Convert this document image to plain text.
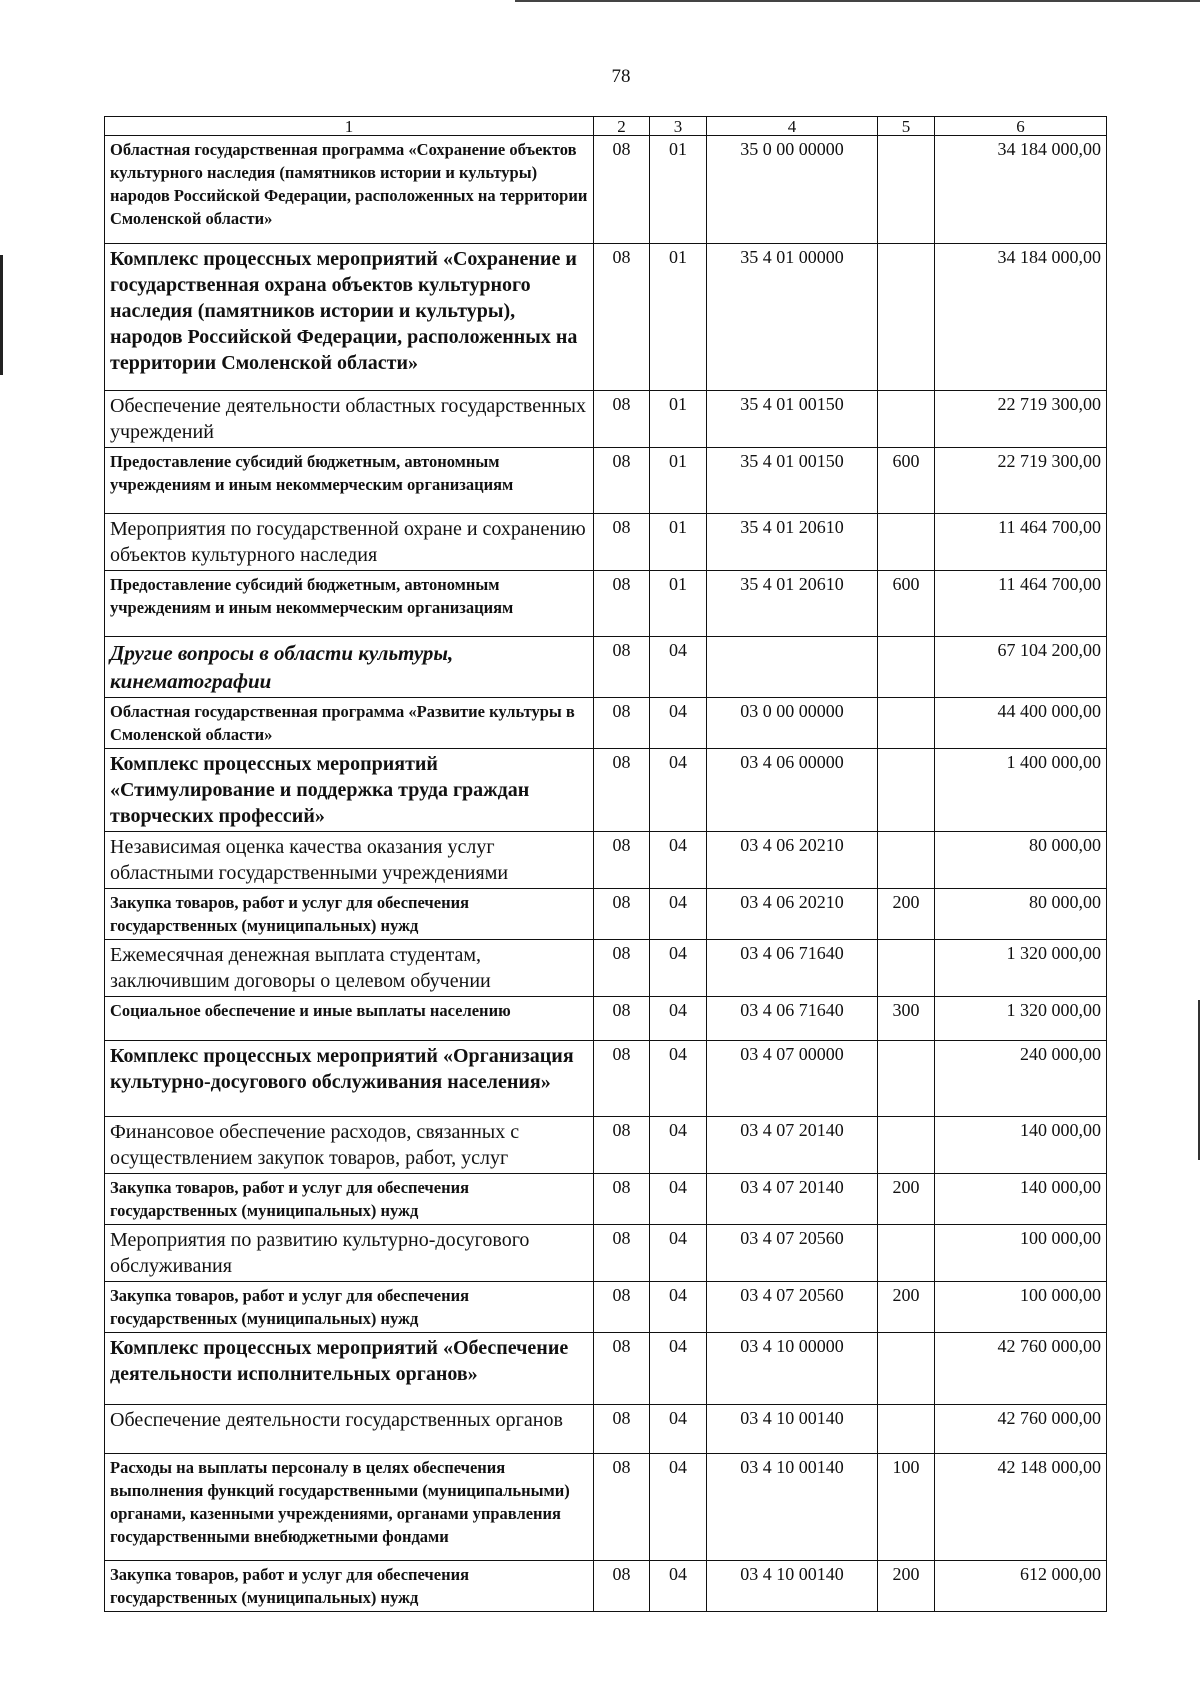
78
1	2	3	4	5	6
Областная государственная программа «Сохранение объектов культурного наследия (памятников истории и культуры) народов Российской Федерации, расположенных на территории Смоленской области»	08	01	35 0 00 00000		34 184 000,00
Комплекс процессных мероприятий «Сохранение и государственная охрана объектов культурного наследия (памятников истории и культуры), народов Российской Федерации, расположенных на территории Смоленской области»	08	01	35 4 01 00000		34 184 000,00
Обеспечение деятельности областных государственных учреждений	08	01	35 4 01 00150		22 719 300,00
Предоставление субсидий бюджетным, автономным учреждениям и иным некоммерческим организациям	08	01	35 4 01 00150	600	22 719 300,00
Мероприятия по государственной охране и сохранению объектов культурного наследия	08	01	35 4 01 20610		11 464 700,00
Предоставление субсидий бюджетным, автономным учреждениям и иным некоммерческим организациям	08	01	35 4 01 20610	600	11 464 700,00
Другие вопросы в области культуры, кинематографии	08	04			67 104 200,00
Областная государственная программа «Развитие культуры в Смоленской области»	08	04	03 0 00 00000		44 400 000,00
Комплекс процессных мероприятий «Стимулирование и поддержка труда граждан творческих профессий»	08	04	03 4 06 00000		1 400 000,00
Независимая оценка качества оказания услуг областными государственными учреждениями	08	04	03 4 06 20210		80 000,00
Закупка товаров, работ и услуг для обеспечения государственных (муниципальных) нужд	08	04	03 4 06 20210	200	80 000,00
Ежемесячная денежная выплата студентам, заключившим договоры о целевом обучении	08	04	03 4 06 71640		1 320 000,00
Социальное обеспечение и иные выплаты населению	08	04	03 4 06 71640	300	1 320 000,00
Комплекс процессных мероприятий «Организация культурно-досугового обслуживания населения»	08	04	03 4 07 00000		240 000,00
Финансовое обеспечение расходов, связанных с осуществлением закупок товаров, работ, услуг	08	04	03 4 07 20140		140 000,00
Закупка товаров, работ и услуг для обеспечения государственных (муниципальных) нужд	08	04	03 4 07 20140	200	140 000,00
Мероприятия по развитию культурно-досугового обслуживания	08	04	03 4 07 20560		100 000,00
Закупка товаров, работ и услуг для обеспечения государственных (муниципальных) нужд	08	04	03 4 07 20560	200	100 000,00
Комплекс процессных мероприятий «Обеспечение деятельности исполнительных органов»	08	04	03 4 10 00000		42 760 000,00
Обеспечение деятельности государственных органов	08	04	03 4 10 00140		42 760 000,00
Расходы на выплаты персоналу в целях обеспечения выполнения функций государственными (муниципальными) органами, казенными учреждениями, органами управления государственными внебюджетными фондами	08	04	03 4 10 00140	100	42 148 000,00
Закупка товаров, работ и услуг для обеспечения государственных (муниципальных) нужд	08	04	03 4 10 00140	200	612 000,00
